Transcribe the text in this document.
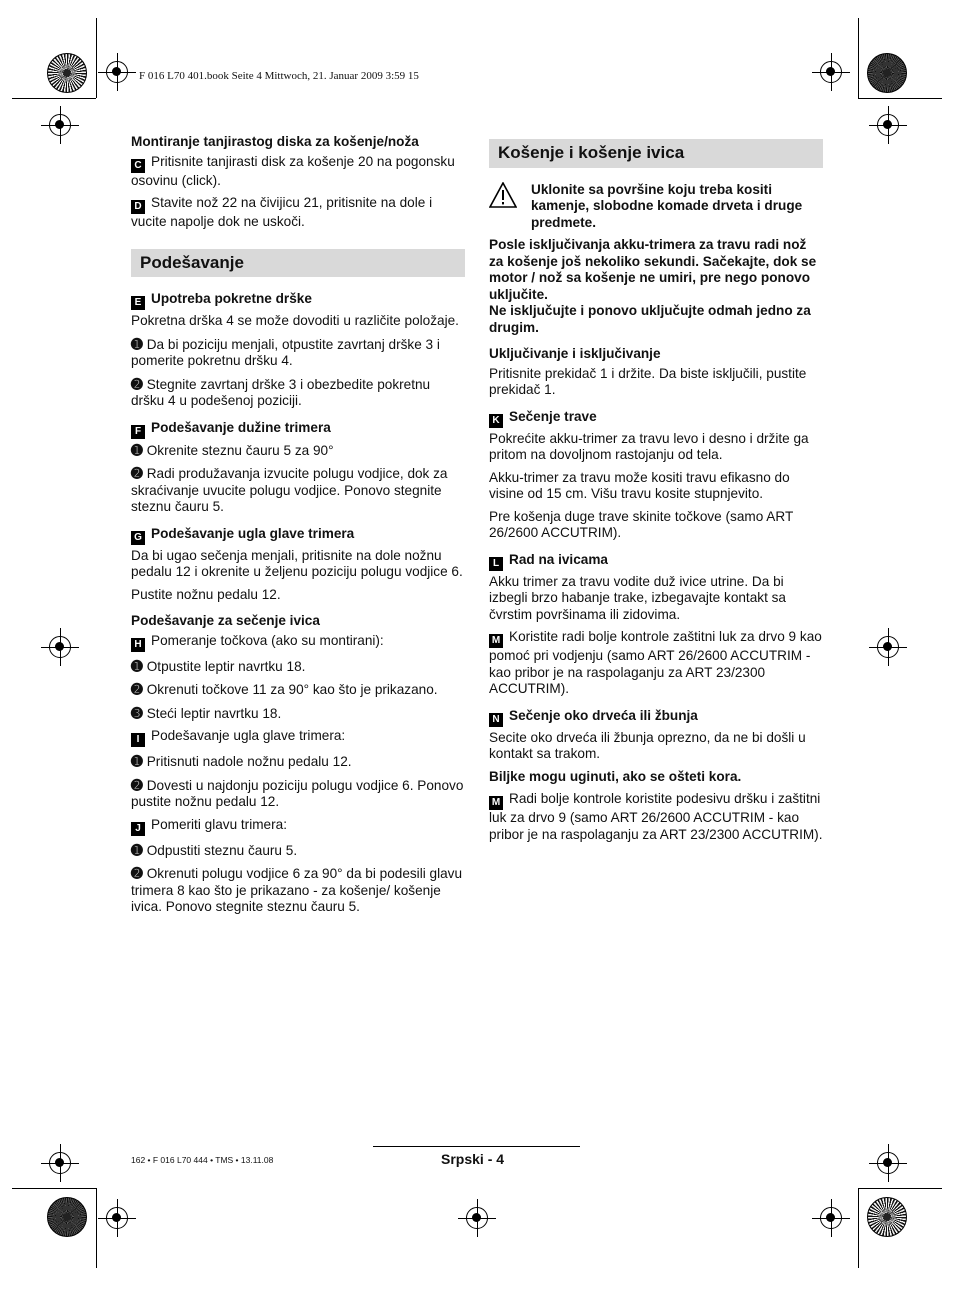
F 016 L70 401.book Seite 4 Mittwoch, 21. Januar 2009 3:59 15
Montiranje tanjirastog diska za košenje/noža

C Pritisnite tanjirasti disk za košenje 20 na pogonsku osovinu (click).

D Stavite nož 22 na čivijicu 21, pritisnite na dole i vucite napolje dok ne uskoči.

Podešavanje
E Upotreba pokretne drške

Pokretna drška 4 se može dovoditi u različite položaje.

➊ Da bi poziciju menjali, otpustite zavrtanj drške 3 i pomerite pokretnu dršku 4.

➋ Stegnite zavrtanj drške 3 i obezbedite pokretnu dršku 4 u podešenoj poziciji.

F Podešavanje dužine trimera

➊ Okrenite steznu čauru 5 za 90°

➋ Radi produžavanja izvucite polugu vodjice, dok za skraćivanje uvucite polugu vodjice. Ponovo stegnite steznu čauru 5.

G Podešavanje ugla glave trimera

Da bi ugao sečenja menjali, pritisnite na dole nožnu pedalu 12 i okrenite u željenu poziciju polugu vodjice 6.

Pustite nožnu pedalu 12.

Podešavanje za sečenje ivica

H Pomeranje točkova (ako su montirani):

➊ Otpustite leptir navrtku 18.

➋ Okrenuti točkove 11 za 90° kao što je prikazano.

➌ Steći leptir navrtku 18.

I Podešavanje ugla glave trimera:

➊ Pritisnuti nadole nožnu pedalu 12.

➋ Dovesti u najdonju poziciju polugu vodjice 6. Ponovo pustite nožnu pedalu 12.

J Pomeriti glavu trimera:

➊ Odpustiti steznu čauru 5.

➋ Okrenuti polugu vodjice 6 za 90° da bi podesili glavu trimera 8 kao što je prikazano - za košenje/ košenje ivica. Ponovo stegnite steznu čauru 5.

Košenje i košenje ivica
Uklonite sa površine koju treba kositi kamenje, slobodne komade drveta i druge predmete.

Posle isključivanja akku-trimera za travu radi nož za košenje još nekoliko sekundi. Sačekajte, dok se motor / nož sa košenje ne umiri, pre nego ponovo uključite.

Ne isključujte i ponovo uključujte odmah jedno za drugim.

Uključivanje i isključivanje

Pritisnite prekidač 1 i držite. Da biste isključili, pustite prekidač 1.

K Sečenje trave

Pokrećite akku-trimer za travu levo i desno i držite ga pritom na dovoljnom rastojanju od tela.

Akku-trimer za travu može kositi travu efikasno do visine od 15 cm. Višu travu kosite stupnjevito.

Pre košenja duge trave skinite točkove (samo ART 26/2600 ACCUTRIM).

L Rad na ivicama

Akku trimer za travu vodite duž ivice utrine. Da bi izbegli brzo habanje trake, izbegavajte kontakt sa čvrstim površinama ili zidovima.

M Koristite radi bolje kontrole zaštitni luk za drvo 9 kao pomoć pri vodjenju (samo ART 26/2600 ACCUTRIM - kao pribor je na raspolaganju za ART 23/2300 ACCUTRIM).

N Sečenje oko drveća ili žbunja

Secite oko drveća ili žbunja oprezno, da ne bi došli u kontakt sa trakom.

Biljke mogu uginuti, ako se ošteti kora.

M Radi bolje kontrole koristite podesivu dršku i zaštitni luk za drvo 9 (samo ART 26/2600 ACCUTRIM - kao pribor je na raspolaganju za ART 23/2300 ACCUTRIM).

162 • F 016 L70 444 • TMS • 13.11.08	Srpski - 4
